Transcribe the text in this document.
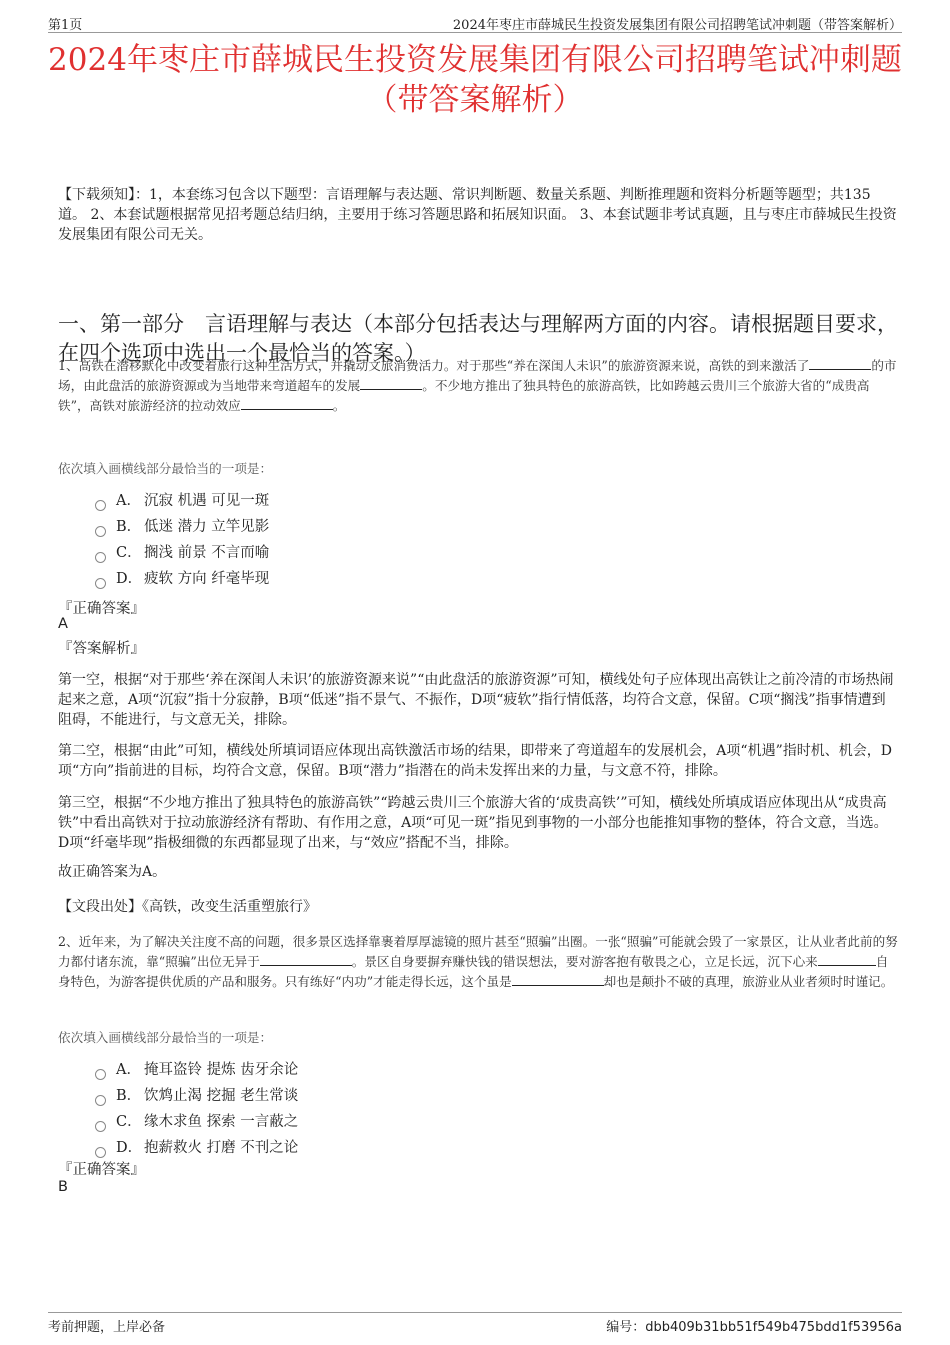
第1页	2024年枣庄市薛城民生投资发展集团有限公司招聘笔试冲刺题（带答案解析）
2024年枣庄市薛城民生投资发展集团有限公司招聘笔试冲刺题
（带答案解析）
【下载须知】：1，本套练习包含以下题型：言语理解与表达题、常识判断题、数量关系题、判断推理题和资料分析题等题型；共135道。 2、本套试题根据常见招考题总结归纳，主要用于练习答题思路和拓展知识面。 3、本套试题非考试真题，且与枣庄市薛城民生投资发展集团有限公司无关。
一、第一部分　言语理解与表达（本部分包括表达与理解两方面的内容。请根据题目要求，在四个选项中选出一个最恰当的答案。）
1、高铁在潜移默化中改变着旅行这种生活方式，并撬动文旅消费活力。对于那些“养在深闺人未识”的旅游资源来说，高铁的到来激活了	的市场，由此盘活的旅游资源或为当地带来弯道超车的发展	。不少地方推出了独具特色的旅游高铁，比如跨越云贵川三个旅游大省的“成贵高铁”，高铁对旅游经济的拉动效应	。
依次填入画横线部分最恰当的一项是：
A． 沉寂 机遇 可见一斑
B． 低迷 潜力 立竿见影
C． 搁浅 前景 不言而喻
D． 疲软 方向 纤毫毕现
『正确答案』
A
『答案解析』
第一空，根据“对于那些‘养在深闺人未识’的旅游资源来说”“由此盘活的旅游资源”可知，横线处句子应体现出高铁让之前冷清的市场热闹起来之意，A项“沉寂”指十分寂静，B项“低迷”指不景气、不振作，D项“疲软”指行情低落，均符合文意，保留。C项“搁浅”指事情遭到阻碍，不能进行，与文意无关，排除。
第二空，根据“由此”可知，横线处所填词语应体现出高铁激活市场的结果，即带来了弯道超车的发展机会，A项“机遇”指时机、机会，D项“方向”指前进的目标，均符合文意，保留。B项“潜力”指潜在的尚未发挥出来的力量，与文意不符，排除。
第三空，根据“不少地方推出了独具特色的旅游高铁”“跨越云贵川三个旅游大省的‘成贵高铁’”可知，横线处所填成语应体现出从“成贵高铁”中看出高铁对于拉动旅游经济有帮助、有作用之意，A项“可见一斑”指见到事物的一小部分也能推知事物的整体，符合文意，当选。D项“纤毫毕现”指极细微的东西都显现了出来，与“效应”搭配不当，排除。
故正确答案为A。
【文段出处】《高铁，改变生活重塑旅行》
2、近年来，为了解决关注度不高的问题，很多景区选择靠裹着厚厚滤镜的照片甚至“照骗”出圈。一张“照骗”可能就会毁了一家景区，让从业者此前的努力都付诸东流，靠“照骗”出位无异于	。景区自身要摒弃赚快钱的错误想法，要对游客抱有敬畏之心，立足长远，沉下心来	自身特色，为游客提供优质的产品和服务。只有练好“内功”才能走得长远，这个虽是	却也是颠扑不破的真理，旅游业从业者须时时谨记。
依次填入画横线部分最恰当的一项是：
A． 掩耳盗铃 提炼 齿牙余论
B． 饮鸩止渴 挖掘 老生常谈
C． 缘木求鱼 探索 一言蔽之
D． 抱薪救火 打磨 不刊之论
『正确答案』
B
考前押题，上岸必备	编号：dbb409b31bb51f549b475bdd1f53956a
